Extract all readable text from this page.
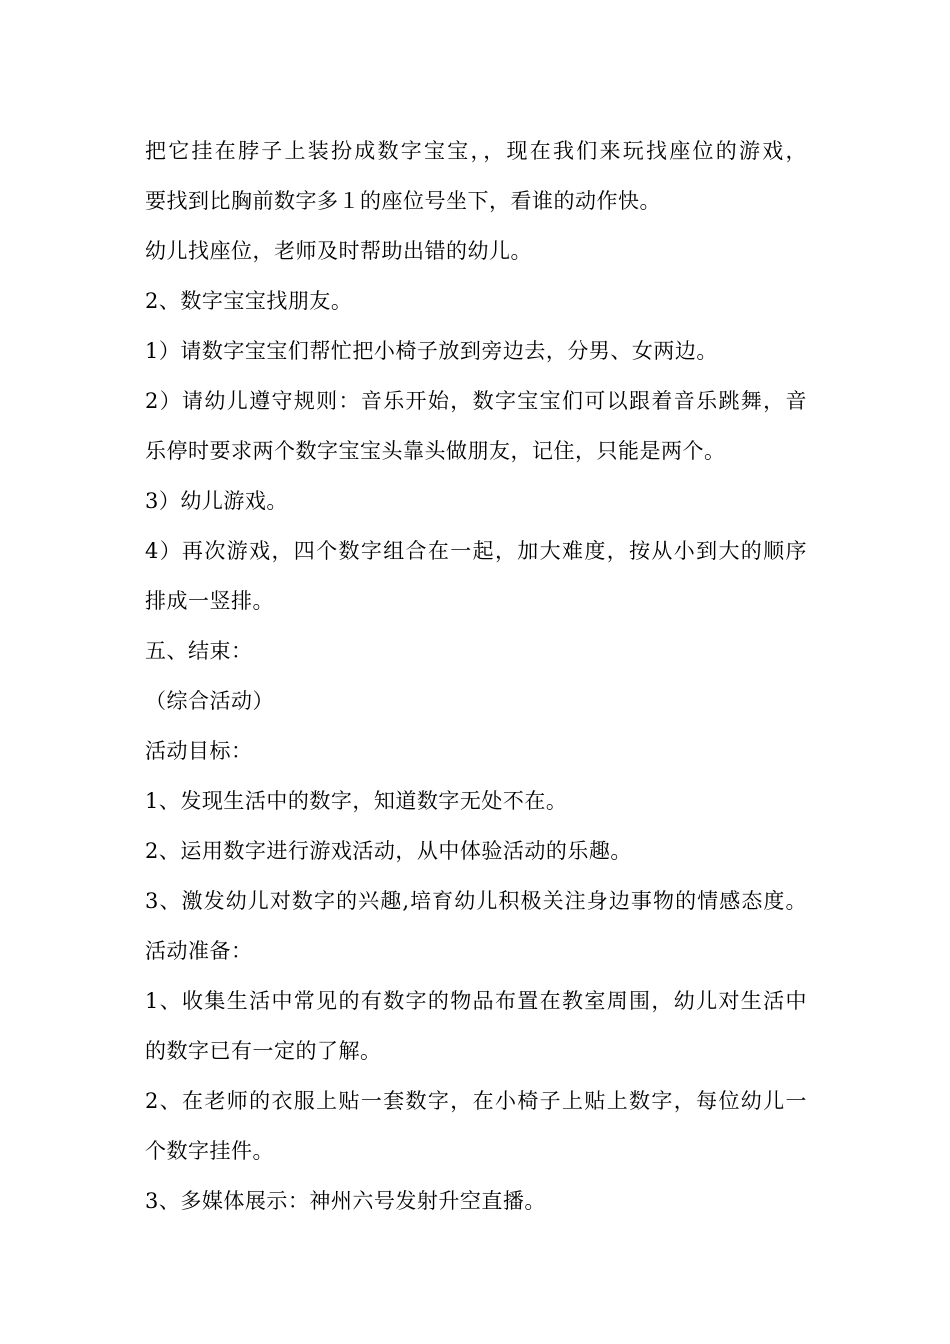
把它挂在脖子上装扮成数字宝宝，，现在我们来玩找座位的游戏，

要找到比胸前数字多１的座位号坐下，看谁的动作快。

幼儿找座位，老师及时帮助出错的幼儿。

2、数字宝宝找朋友。

1）请数字宝宝们帮忙把小椅子放到旁边去，分男、女两边。

2）请幼儿遵守规则：音乐开始，数字宝宝们可以跟着音乐跳舞，音

乐停时要求两个数字宝宝头靠头做朋友，记住，只能是两个。

3）幼儿游戏。

4）再次游戏，四个数字组合在一起，加大难度，按从小到大的顺序

排成一竖排。

五、结束：

（综合活动）

活动目标：

1、发现生活中的数字，知道数字无处不在。

2、运用数字进行游戏活动，从中体验活动的乐趣。

3、激发幼儿对数字的兴趣,培育幼儿积极关注身边事物的情感态度。

活动准备：

1、收集生活中常见的有数字的物品布置在教室周围，幼儿对生活中

的数字已有一定的了解。

2、在老师的衣服上贴一套数字，在小椅子上贴上数字，每位幼儿一

个数字挂件。

3、多媒体展示：神州六号发射升空直播。
